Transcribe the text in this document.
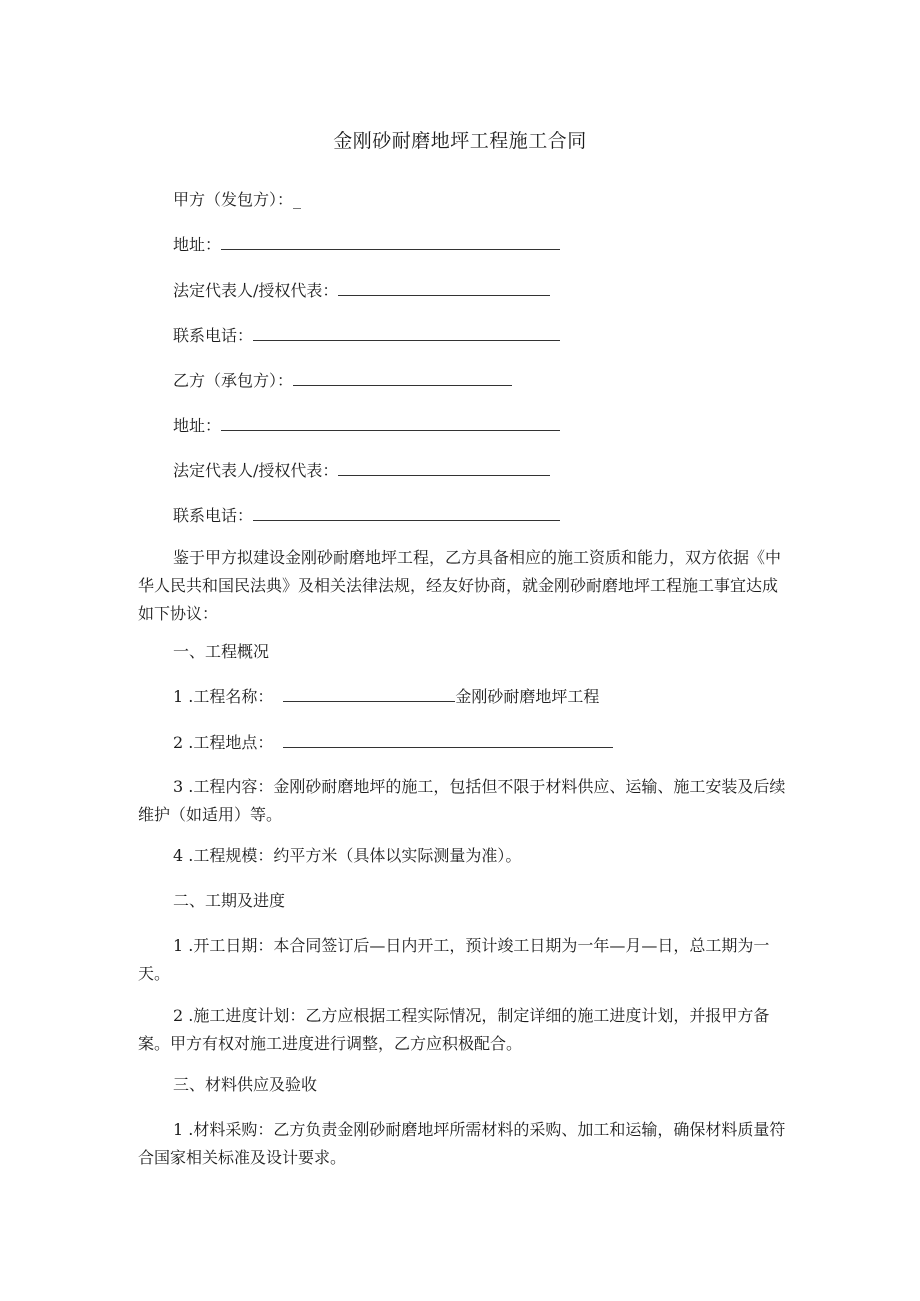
金刚砂耐磨地坪工程施工合同
甲方（发包方）：_
地址：
法定代表人/授权代表：
联系电话：
乙方（承包方）：
地址：
法定代表人/授权代表：
联系电话：
鉴于甲方拟建设金刚砂耐磨地坪工程，乙方具备相应的施工资质和能力，双方依据《中华人民共和国民法典》及相关法律法规，经友好协商，就金刚砂耐磨地坪工程施工事宜达成如下协议：
一、工程概况
1 .工程名称：	金刚砂耐磨地坪工程
2 .工程地点：
3 .工程内容：金刚砂耐磨地坪的施工，包括但不限于材料供应、运输、施工安装及后续维护（如适用）等。
4 .工程规模：约平方米（具体以实际测量为准）。
二、工期及进度
1 .开工日期：本合同签订后—日内开工，预计竣工日期为一年—月—日，总工期为一天。
2 .施工进度计划：乙方应根据工程实际情况，制定详细的施工进度计划，并报甲方备案。甲方有权对施工进度进行调整，乙方应积极配合。
三、材料供应及验收
1 .材料采购：乙方负责金刚砂耐磨地坪所需材料的采购、加工和运输，确保材料质量符合国家相关标准及设计要求。
